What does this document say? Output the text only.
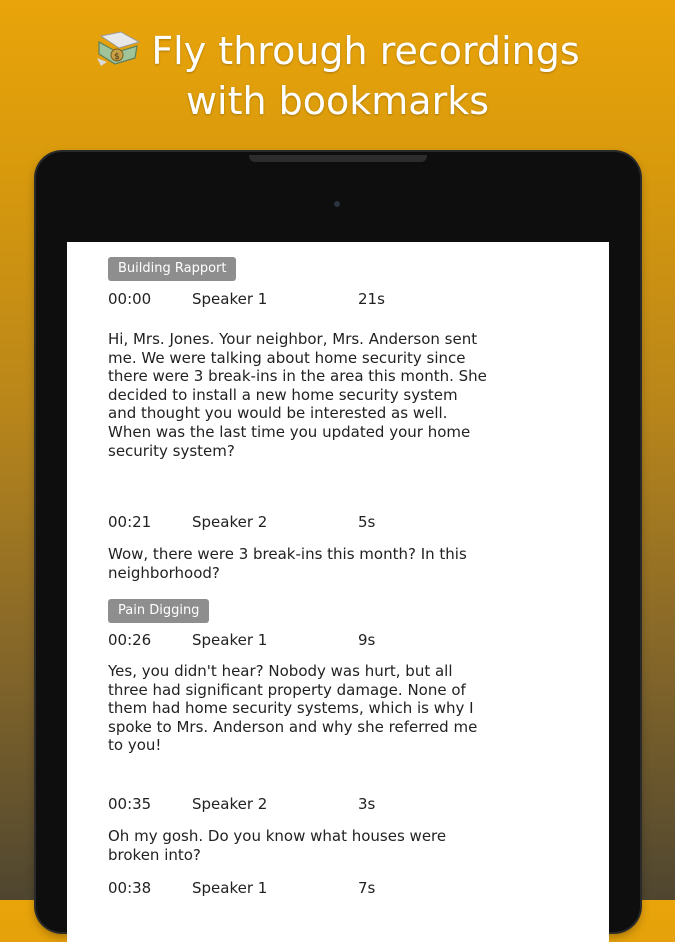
$ Fly through recordings
with bookmarks
Building Rapport
00:00	Speaker 1	21s

Hi, Mrs. Jones. Your neighbor, Mrs. Anderson sent me. We were talking about home security since there were 3 break-ins in the area this month. She decided to install a new home security system and thought you would be interested as well. When was the last time you updated your home security system?

00:21	Speaker 2	5s

Wow, there were 3 break-ins this month? In this neighborhood?

Pain Digging
00:26	Speaker 1	9s

Yes, you didn't hear? Nobody was hurt, but all three had significant property damage. None of them had home security systems, which is why I spoke to Mrs. Anderson and why she referred me to you!

00:35	Speaker 2	3s

Oh my gosh. Do you know what houses were broken into?

00:38	Speaker 1	7s
